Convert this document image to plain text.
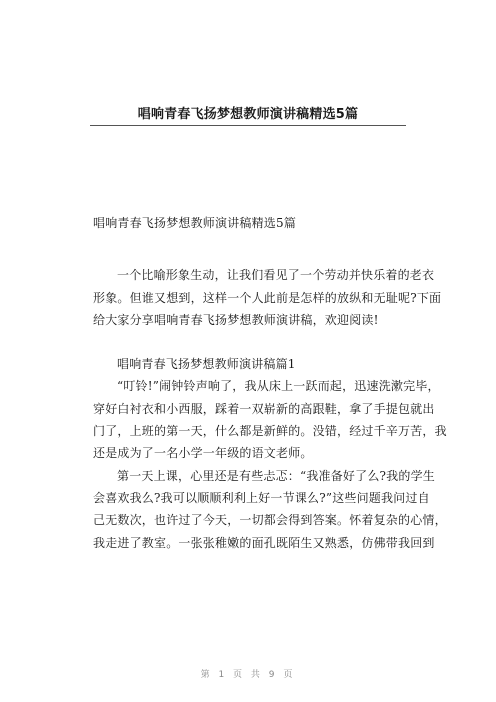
唱响青春飞扬梦想教师演讲稿精选5篇
唱响青春飞扬梦想教师演讲稿精选5篇
一个比喻形象生动，让我们看见了一个劳动并快乐着的老衣
形象。但谁又想到，这样一个人此前是怎样的放纵和无耻呢?下面
给大家分享唱响青春飞扬梦想教师演讲稿，欢迎阅读!
唱响青春飞扬梦想教师演讲稿篇1
“叮铃!”闹钟铃声响了，我从床上一跃而起，迅速洗漱完毕，
穿好白衬衣和小西服，踩着一双崭新的高跟鞋，拿了手提包就出
门了，上班的第一天，什么都是新鲜的。没错，经过千辛万苦，我
还是成为了一名小学一年级的语文老师。
第一天上课，心里还是有些忐忑：“我准备好了么?我的学生
会喜欢我么?我可以顺顺利利上好一节课么?”这些问题我问过自
己无数次，也许过了今天，一切都会得到答案。怀着复杂的心情，
我走进了教室。一张张稚嫩的面孔既陌生又熟悉，仿佛带我回到
第 1 页 共 9 页
